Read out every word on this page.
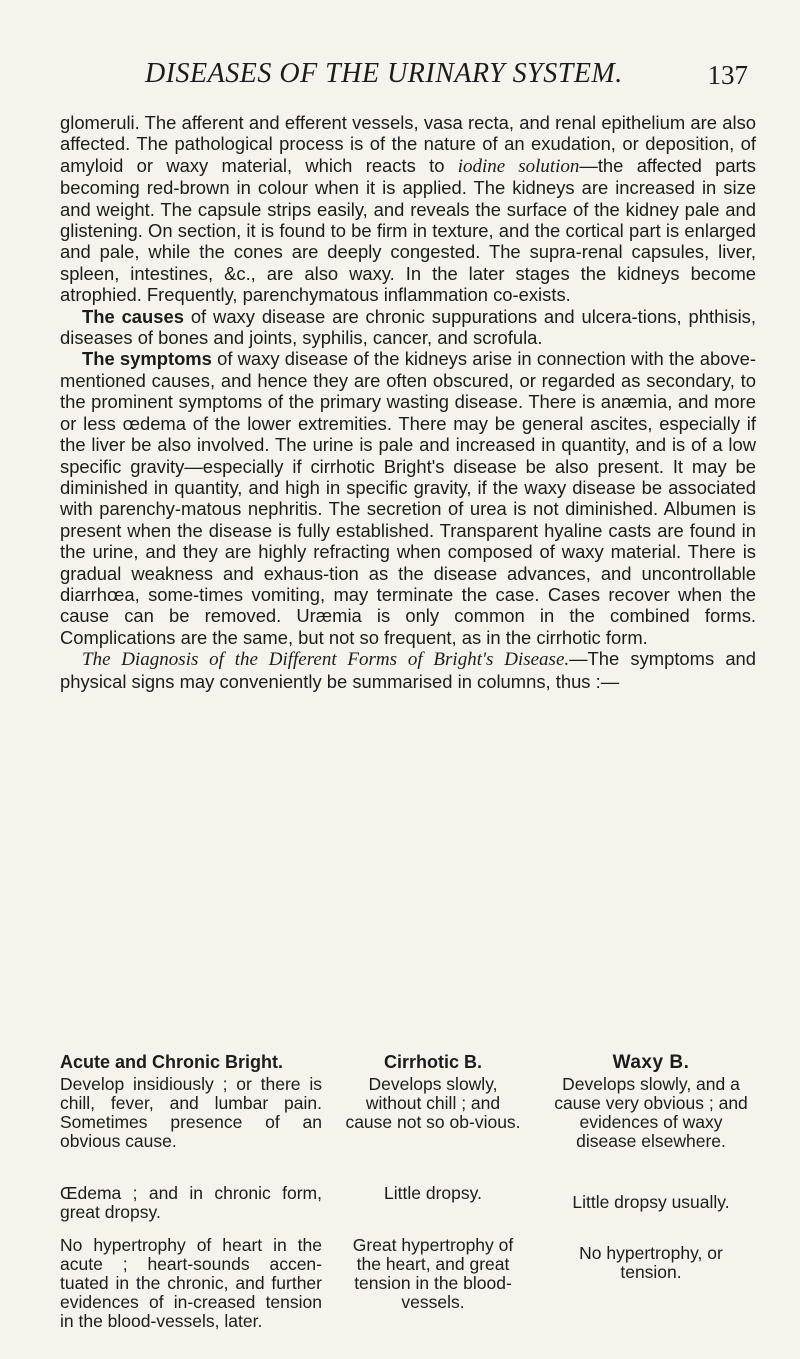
DISEASES OF THE URINARY SYSTEM.	137

glomeruli. The afferent and efferent vessels, vasa recta, and renal epithelium are also affected. The pathological process is of the nature of an exudation, or deposition, of amyloid or waxy material, which reacts to iodine solution—the affected parts becoming red-brown in colour when it is applied. The kidneys are increased in size and weight. The capsule strips easily, and reveals the surface of the kidney pale and glistening. On section, it is found to be firm in texture, and the cortical part is enlarged and pale, while the cones are deeply congested. The supra-renal capsules, liver, spleen, intestines, &c., are also waxy. In the later stages the kidneys become atrophied. Frequently, parenchymatous inflammation co-exists.

The causes of waxy disease are chronic suppurations and ulcera-tions, phthisis, diseases of bones and joints, syphilis, cancer, and scrofula.

The symptoms of waxy disease of the kidneys arise in connection with the above-mentioned causes, and hence they are often obscured, or regarded as secondary, to the prominent symptoms of the primary wasting disease. There is anæmia, and more or less œdema of the lower extremities. There may be general ascites, especially if the liver be also involved. The urine is pale and increased in quantity, and is of a low specific gravity—especially if cirrhotic Bright's disease be also present. It may be diminished in quantity, and high in specific gravity, if the waxy disease be associated with parenchy-matous nephritis. The secretion of urea is not diminished. Albumen is present when the disease is fully established. Transparent hyaline casts are found in the urine, and they are highly refracting when composed of waxy material. There is gradual weakness and exhaus-tion as the disease advances, and uncontrollable diarrhœa, some-times vomiting, may terminate the case. Cases recover when the cause can be removed. Uræmia is only common in the combined forms. Complications are the same, but not so frequent, as in the cirrhotic form.

The Diagnosis of the Different Forms of Bright's Disease.—The symptoms and physical signs may conveniently be summarised in columns, thus :—

Acute and Chronic Bright.
Develop insidiously ; or there is chill, fever, and lumbar pain. Sometimes presence of an obvious cause.
Œdema ; and in chronic form, great dropsy.
No hypertrophy of heart in the acute ; heart-sounds accen-tuated in the chronic, and further evidences of in-creased tension in the blood-vessels, later.
Cirrhotic B.
Develops slowly, without chill ; and cause not so ob-vious.
Little dropsy.
Great hypertrophy of the heart, and great tension in the blood-vessels.
Waxy B.
Develops slowly, and a cause very obvious ; and evidences of waxy disease elsewhere.
Little dropsy usually.
No hypertrophy, or tension.
